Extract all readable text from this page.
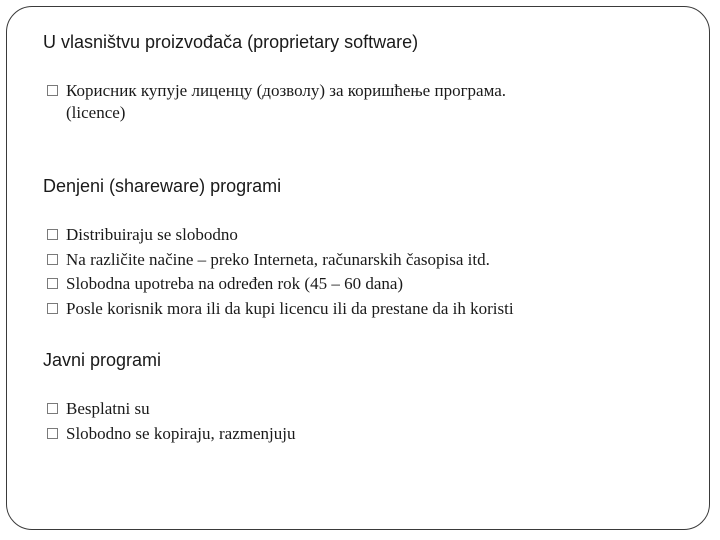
U vlasništvu proizvođača (proprietary software)
Корисник купује лиценцу (дозволу) за коришћење програма.
(licence)
Denjeni (shareware) programi
Distribuiraju se slobodno
Na različite načine – preko Interneta, računarskih časopisa itd.
Slobodna upotreba na određen rok (45 – 60 dana)
Posle korisnik mora ili da kupi licencu ili da prestane da ih koristi
Javni programi
Besplatni su
Slobodno se kopiraju, razmenjuju
